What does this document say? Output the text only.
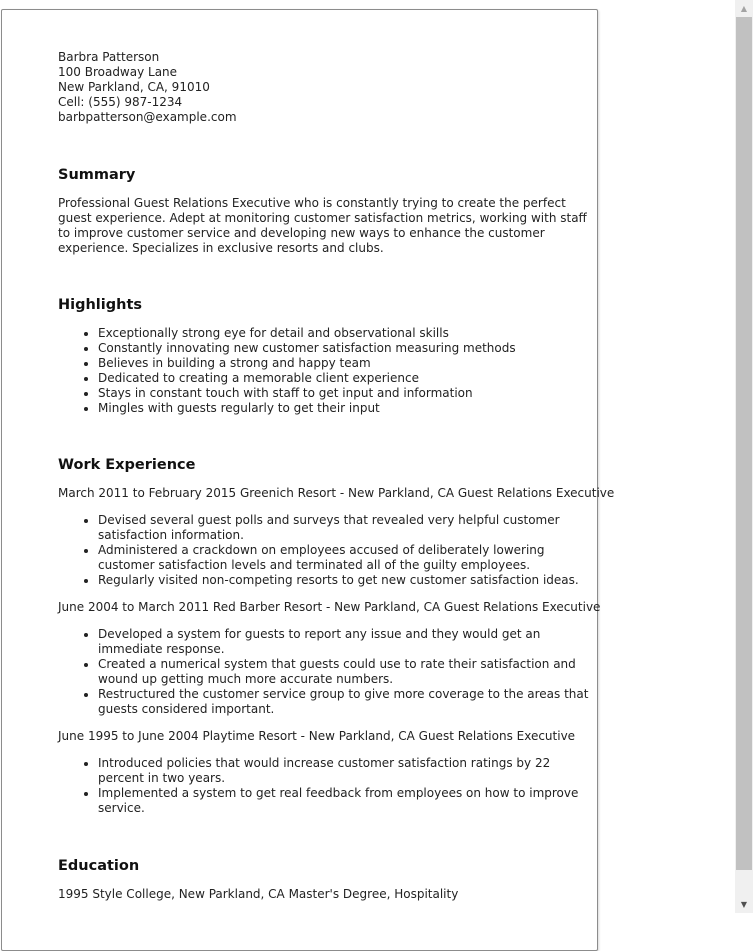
Barbra Patterson
100 Broadway Lane
New Parkland, CA, 91010
Cell: (555) 987-1234
barbpatterson@example.com
Summary

Professional Guest Relations Executive who is constantly trying to create the perfect guest experience. Adept at monitoring customer satisfaction metrics, working with staff to improve customer service and developing new ways to enhance the customer experience. Specializes in exclusive resorts and clubs.

Highlights
• Exceptionally strong eye for detail and observational skills
• Constantly innovating new customer satisfaction measuring methods
• Believes in building a strong and happy team
• Dedicated to creating a memorable client experience
• Stays in constant touch with staff to get input and information
• Mingles with guests regularly to get their input
Work Experience
March 2011 to February 2015 Greenich Resort - New Parkland, CA Guest Relations Executive
• Devised several guest polls and surveys that revealed very helpful customer satisfaction information.
• Administered a crackdown on employees accused of deliberately lowering customer satisfaction levels and terminated all of the guilty employees.
• Regularly visited non-competing resorts to get new customer satisfaction ideas.
June 2004 to March 2011 Red Barber Resort - New Parkland, CA Guest Relations Executive
• Developed a system for guests to report any issue and they would get an immediate response.
• Created a numerical system that guests could use to rate their satisfaction and wound up getting much more accurate numbers.
• Restructured the customer service group to give more coverage to the areas that guests considered important.
June 1995 to June 2004 Playtime Resort - New Parkland, CA Guest Relations Executive
• Introduced policies that would increase customer satisfaction ratings by 22 percent in two years.
• Implemented a system to get real feedback from employees on how to improve service.
Education

1995 Style College, New Parkland, CA Master's Degree, Hospitality

▲
▼
